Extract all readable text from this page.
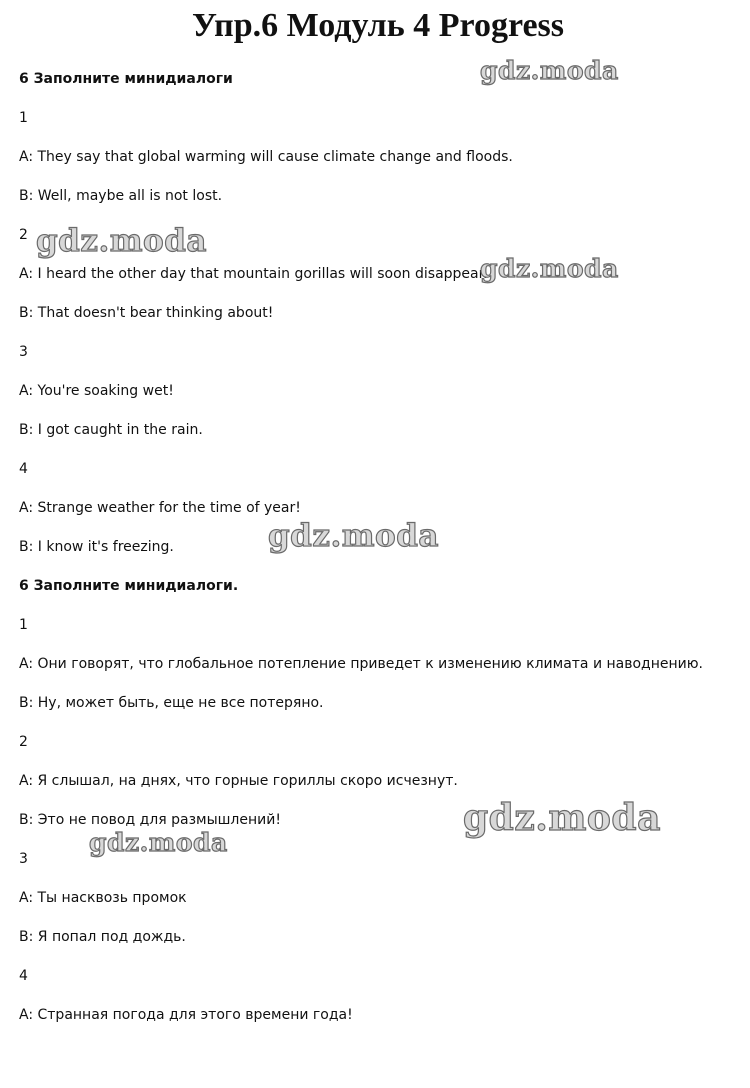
Упр.6 Модуль 4 Progress

6 Заполните минидиалоги

1

A: They say that global warming will cause climate change and floods.

B: Well, maybe all is not lost.

2

A: I heard the other day that mountain gorillas will soon disappear.

B: That doesn't bear thinking about!

3

A: You're soaking wet!

B: I got caught in the rain.

4

A: Strange weather for the time of year!

B: I know it's freezing.

6 Заполните минидиалоги.

1

A: Они говорят, что глобальное потепление приведет к изменению климата и наводнению.

B: Ну, может быть, еще не все потеряно.

2

A: Я слышал, на днях, что горные гориллы скоро исчезнут.

B: Это не повод для размышлений!

3

A: Ты насквозь промок

B: Я попал под дождь.

4

A: Странная погода для этого времени года!

gdz.moda
gdz.moda
gdz.moda
gdz.moda
gdz.moda
gdz.moda
